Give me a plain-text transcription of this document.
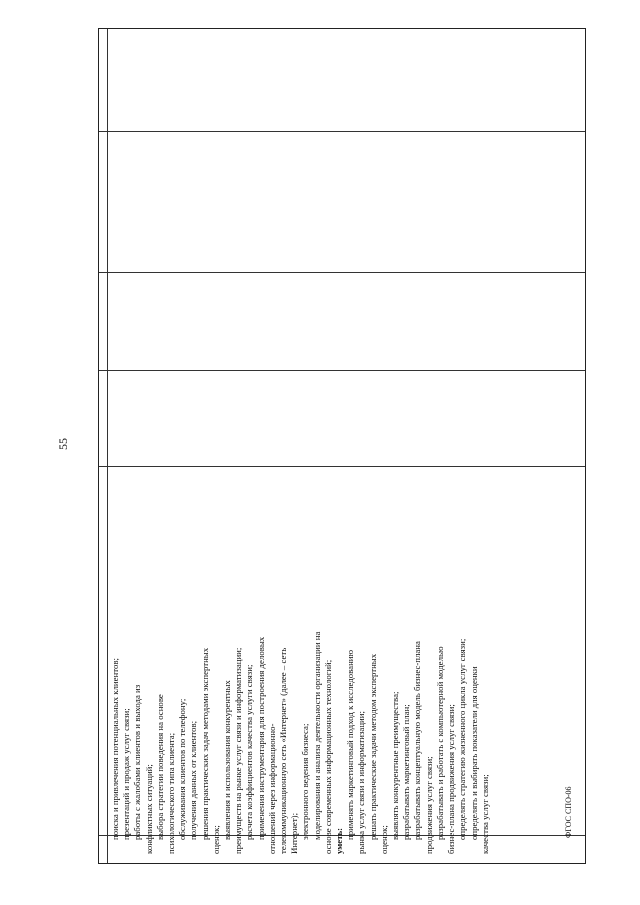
55

поиска и привлечения потенциальных клиентов; презентаций и продаж услуг связи; работы с жалобами клиентов и выхода из конфликтных ситуаций; выбора стратегии поведения на основе психологического типа клиента; обслуживания клиентов по телефону; получения данных от клиентов; решения практических задач методами экспертных оценок; выявления и использования конкурентных преимуществ на рынке услуг связи и информатизации; расчета коэффициентов качества услуги связи; применения инструментария для построения деловых отношений через информационно- телекоммуникационную сеть «Интернет» (далее – сеть Интернет); электронного ведения бизнеса; моделирования и анализа деятельности организации на основе современных информационных технологий; уметь:

применять маркетинговый подход к исследованию рынка услуг связи и информатизации; решать практические задачи методом экспертных оценок; выявлять конкурентные преимущества; разрабатывать маркетинговый план; разрабатывать концептуальную модель бизнес-плана продвижения услуг связи; разрабатывать и работать с компьютерной моделью бизнес-плана продвижения услуг связи; определять стратегию жизненного цикла услуг связи; определять и выбирать показатели для оценки качества услуг связи;	ФГОС СПО-06
